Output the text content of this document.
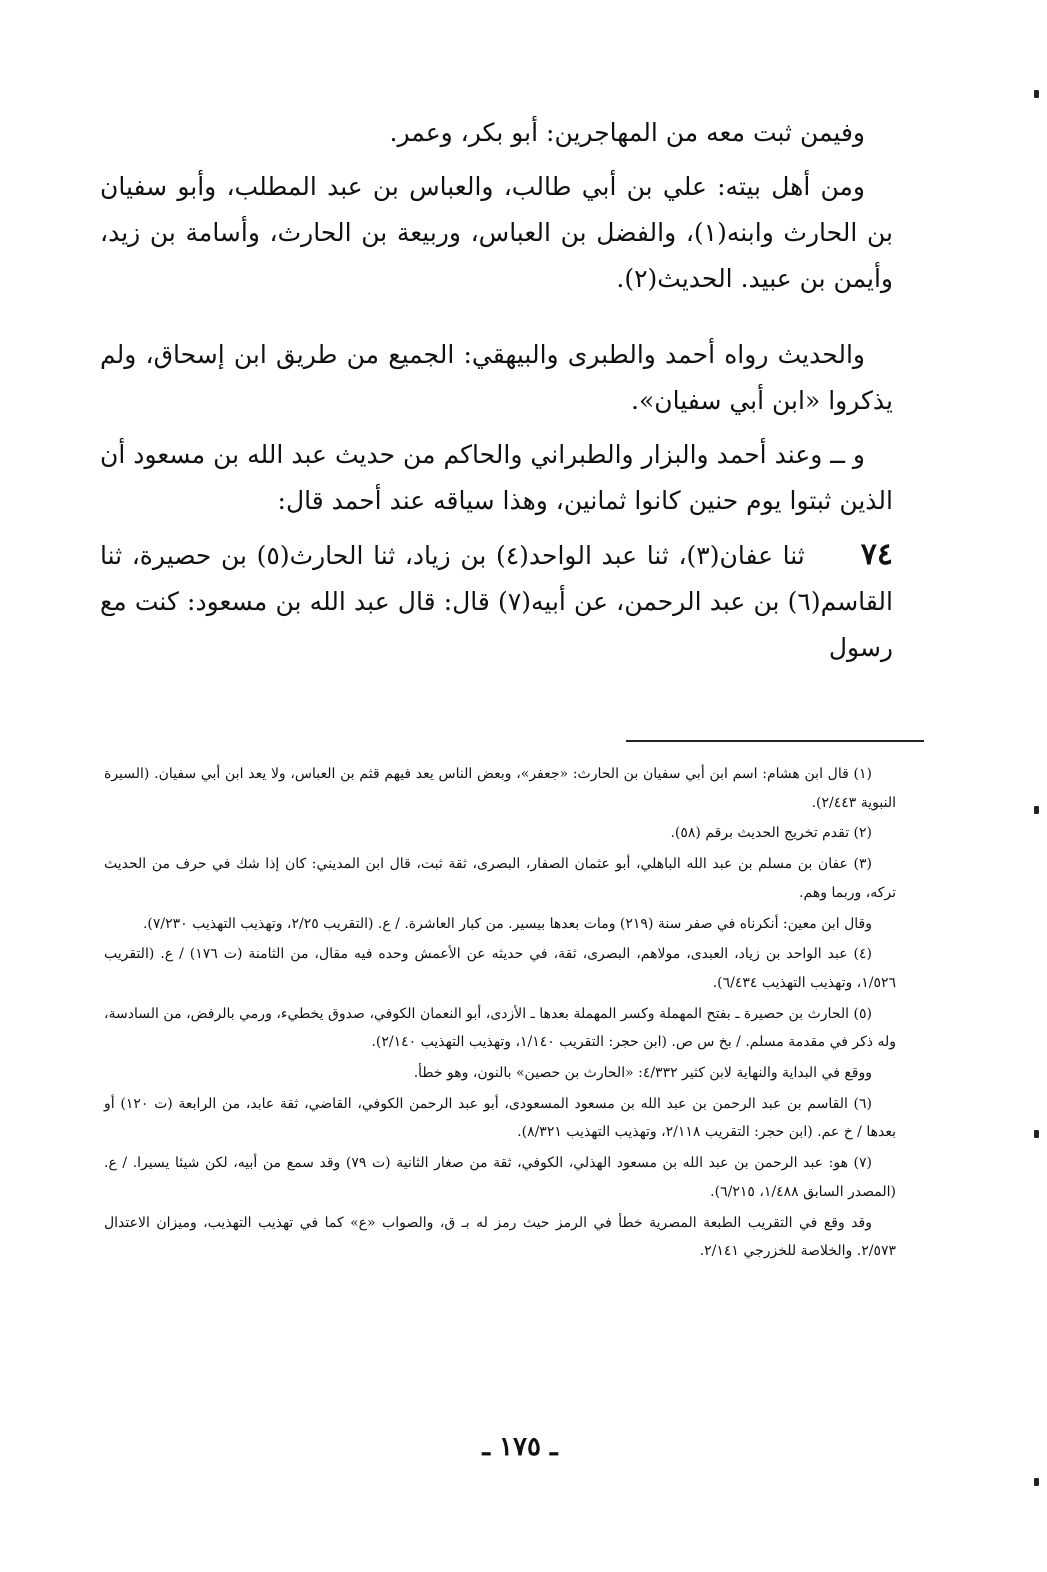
وفيمن ثبت معه من المهاجرين: أبو بكر، وعمر.

ومن أهل بيته: علي بن أبي طالب، والعباس بن عبد المطلب، وأبو سفيان بن الحارث وابنه(١)، والفضل بن العباس، وربيعة بن الحارث، وأسامة بن زيد، وأيمن بن عبيد. الحديث(٢).

والحديث رواه أحمد والطبرى والبيهقي: الجميع من طريق ابن إسحاق، ولم يذكروا «ابن أبي سفيان».

و ــ وعند أحمد والبزار والطبراني والحاكم من حديث عبد الله بن مسعود أن الذين ثبتوا يوم حنين كانوا ثمانين، وهذا سياقه عند أحمد قال:

٧٤ثنا عفان(٣)، ثنا عبد الواحد(٤) بن زياد، ثنا الحارث(٥) بن حصيرة، ثنا القاسم(٦) بن عبد الرحمن، عن أبيه(٧) قال: قال عبد الله بن مسعود: كنت مع رسول

(١) قال ابن هشام: اسم ابن أبي سفيان بن الحارث: «جعفر»، وبعض الناس يعد فيهم قثم بن العباس، ولا يعد ابن أبي سفيان. (السيرة النبوية ٢/٤٤٣).

(٢) تقدم تخريج الحديث برقم (٥٨).

(٣) عفان بن مسلم بن عبد الله الباهلي، أبو عثمان الصفار، البصرى، ثقة ثبت، قال ابن المديني: كان إذا شك في حرف من الحديث تركه، وربما وهم.

وقال ابن معين: أنكرناه في صفر سنة (٢١٩) ومات بعدها بيسير. من كبار العاشرة. / ع. (التقريب ٢/٢٥، وتهذيب التهذيب ٧/٢٣٠).

(٤) عبد الواحد بن زياد، العبدى، مولاهم، البصرى، ثقة، في حديثه عن الأعمش وحده فيه مقال، من الثامنة (ت ١٧٦) / ع. (التقريب ١/٥٢٦، وتهذيب التهذيب ٦/٤٣٤).

(٥) الحارث بن حصيرة ـ بفتح المهملة وكسر المهملة بعدها ـ الأزدى، أبو النعمان الكوفي، صدوق يخطيء، ورمي بالرفض، من السادسة، وله ذكر في مقدمة مسلم. / بخ س ص. (ابن حجر: التقريب ١/١٤٠، وتهذيب التهذيب ٢/١٤٠).

ووقع في البداية والنهاية لابن كثير ٤/٣٣٢: «الحارث بن حصين» بالنون، وهو خطأ.

(٦) القاسم بن عبد الرحمن بن عبد الله بن مسعود المسعودى، أبو عبد الرحمن الكوفي، القاضي، ثقة عابد، من الرابعة (ت ١٢٠) أو بعدها / خ عم. (ابن حجر: التقريب ٢/١١٨، وتهذيب التهذيب ٨/٣٢١).

(٧) هو: عبد الرحمن بن عبد الله بن مسعود الهذلي، الكوفي، ثقة من صغار الثانية (ت ٧٩) وقد سمع من أبيه، لكن شيئا يسيرا. / ع. (المصدر السابق ١/٤٨٨، ٦/٢١٥).

وقد وقع في التقريب الطبعة المصرية خطأ في الرمز حيث رمز له بـ ق، والصواب «ع» كما في تهذيب التهذيب، وميزان الاعتدال ٢/٥٧٣. والخلاصة للخزرجي ٢/١٤١.

ـ ١٧٥ ـ
